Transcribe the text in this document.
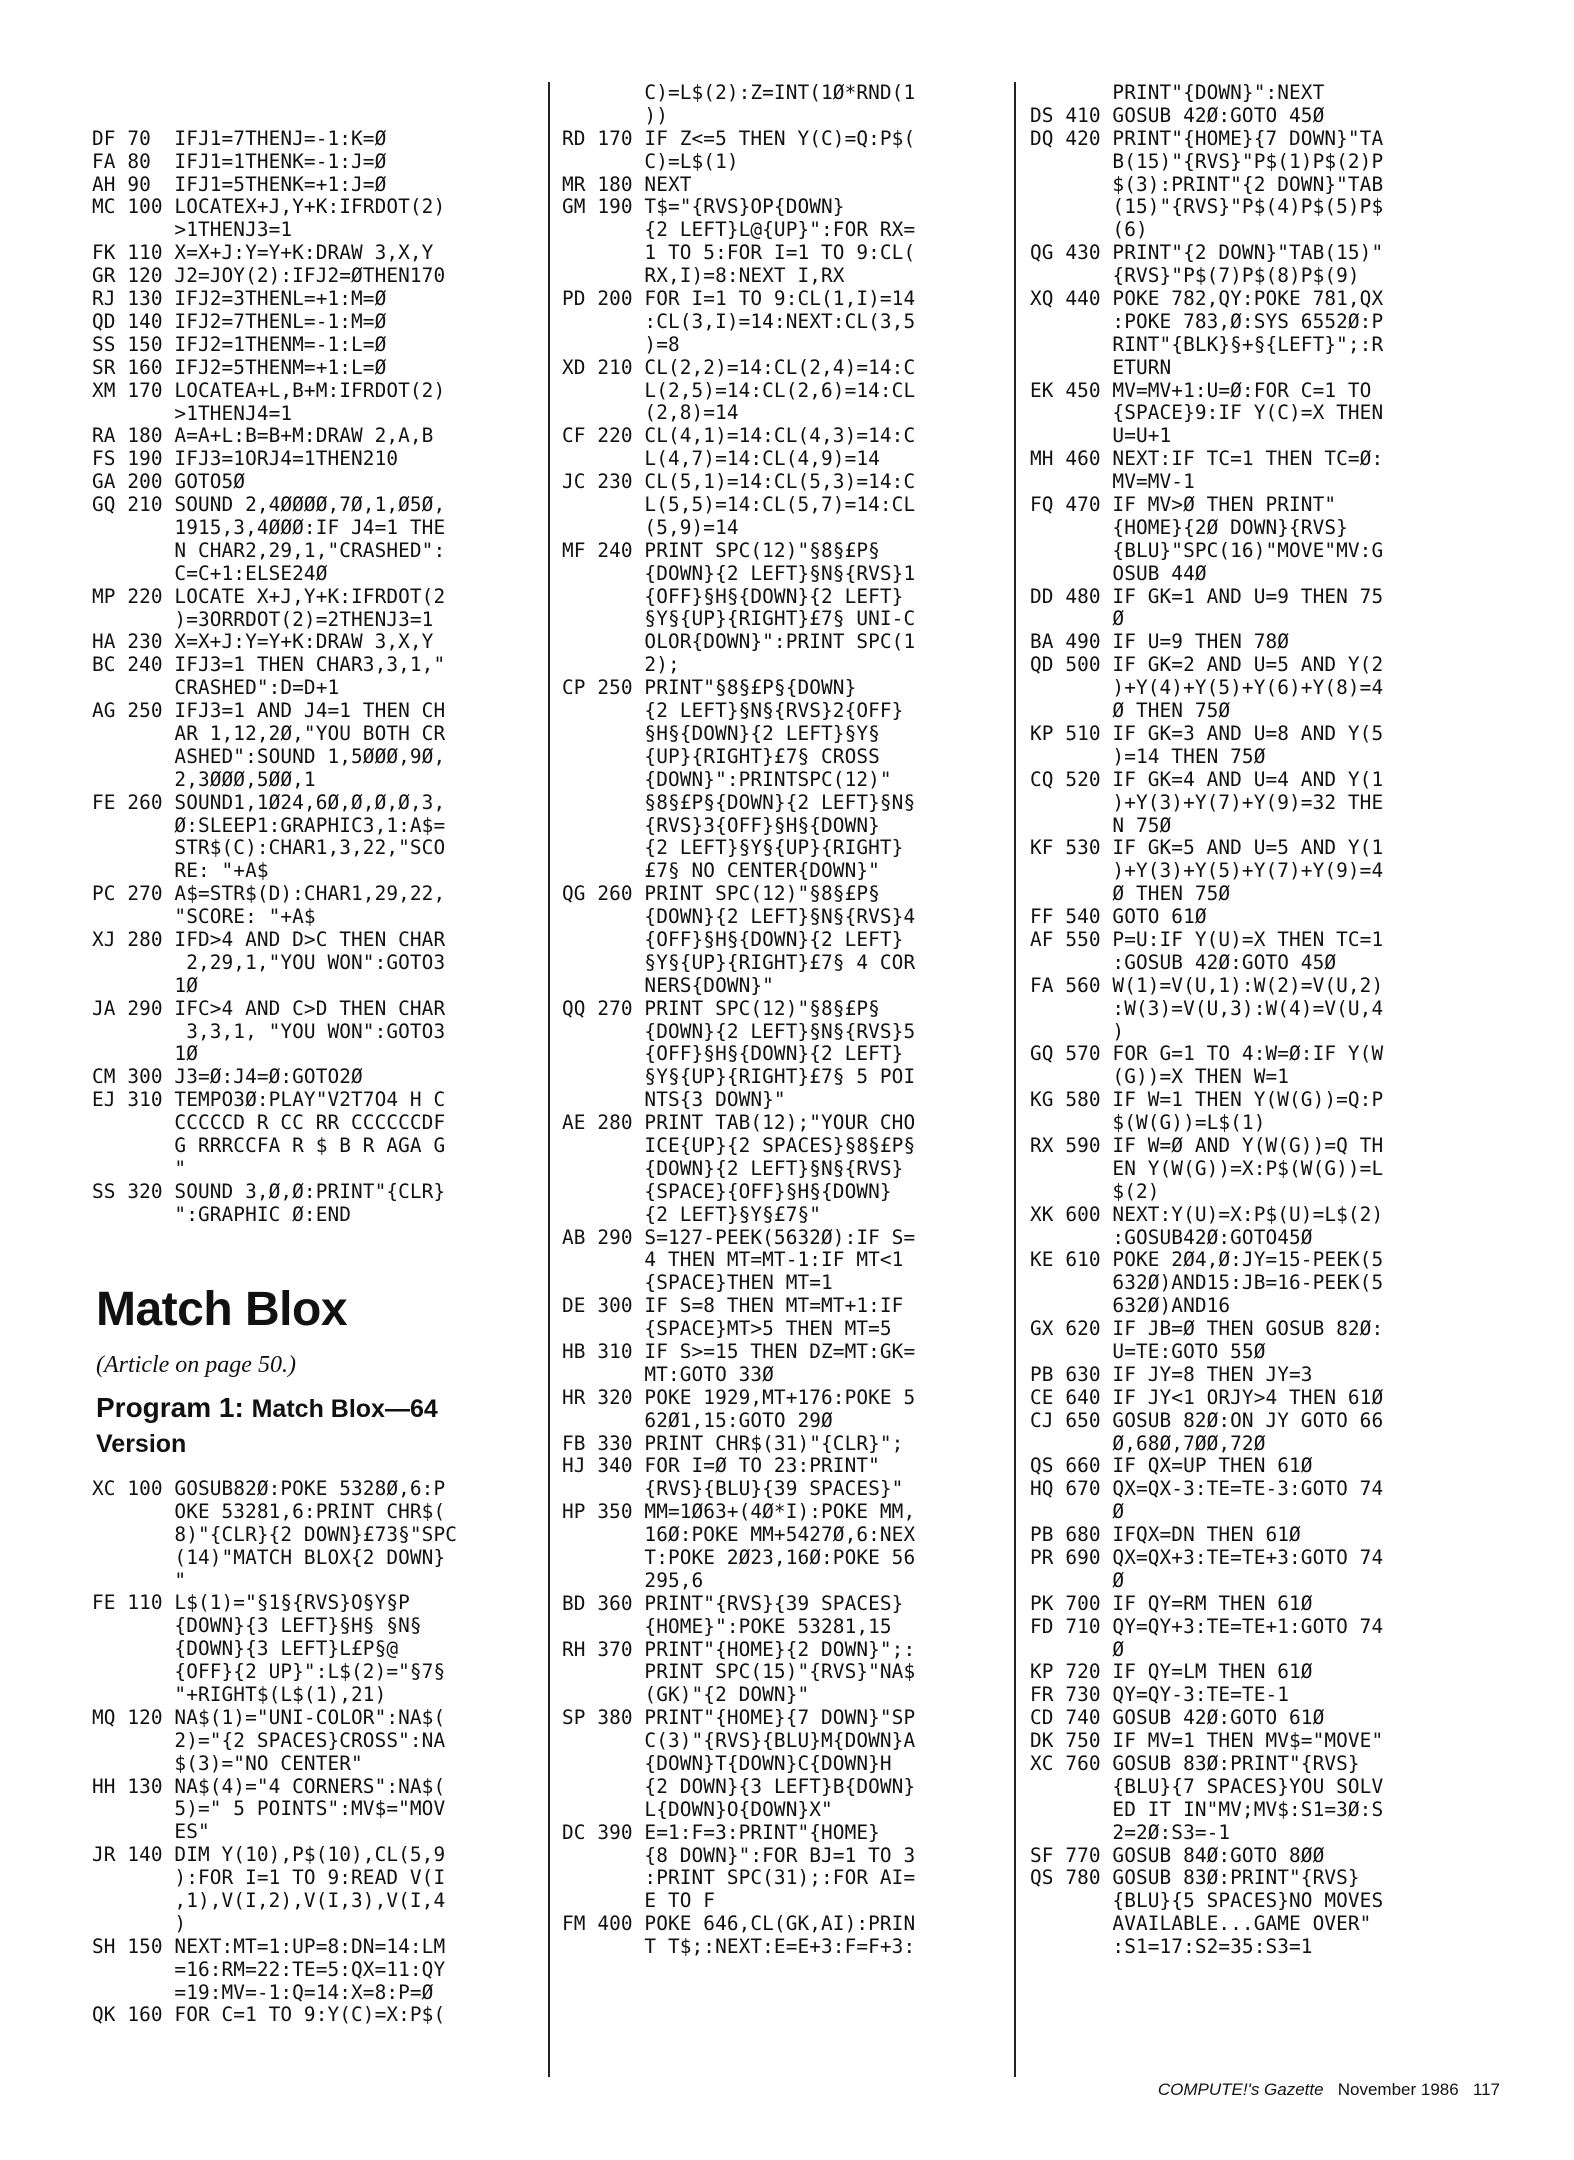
DF 70  IFJ1=7THENJ=-1:K=Ø
FA 80  IFJ1=1THENK=-1:J=Ø
AH 90  IFJ1=5THENK=+1:J=Ø
MC 100 LOCATEX+J,Y+K:IFRDOT(2)
>1THENJ3=1
FK 110 X=X+J:Y=Y+K:DRAW 3,X,Y
GR 120 J2=JOY(2):IFJ2=ØTHEN170
RJ 130 IFJ2=3THENL=+1:M=Ø
QD 140 IFJ2=7THENL=-1:M=Ø
SS 150 IFJ2=1THENM=-1:L=Ø
SR 160 IFJ2=5THENM=+1:L=Ø
XM 170 LOCATEA+L,B+M:IFRDOT(2)
>1THENJ4=1
RA 180 A=A+L:B=B+M:DRAW 2,A,B
FS 190 IFJ3=1ORJ4=1THEN210
GA 200 GOTO5Ø
GQ 210 SOUND 2,4ØØØØ,7Ø,1,Ø5Ø,
1915,3,4ØØØ:IF J4=1 THE
N CHAR2,29,1,"CRASHED":
C=C+1:ELSE24Ø
MP 220 LOCATE X+J,Y+K:IFRDOT(2
)=3ORRDOT(2)=2THENJ3=1
HA 230 X=X+J:Y=Y+K:DRAW 3,X,Y
BC 240 IFJ3=1 THEN CHAR3,3,1,"
CRASHED":D=D+1
AG 250 IFJ3=1 AND J4=1 THEN CH
AR 1,12,2Ø,"YOU BOTH CR
ASHED":SOUND 1,5ØØØ,9Ø,
2,3ØØØ,5ØØ,1
FE 260 SOUND1,1Ø24,6Ø,Ø,Ø,Ø,3,
Ø:SLEEP1:GRAPHIC3,1:A$=
STR$(C):CHAR1,3,22,"SCO
RE: "+A$
PC 270 A$=STR$(D):CHAR1,29,22,
"SCORE: "+A$
XJ 280 IFD>4 AND D>C THEN CHAR
2,29,1,"YOU WON":GOTO3
1Ø
JA 290 IFC>4 AND C>D THEN CHAR
3,3,1, "YOU WON":GOTO3
1Ø
CM 300 J3=Ø:J4=Ø:GOTO2Ø
EJ 310 TEMPO3Ø:PLAY"V2T7O4 H C
CCCCCD R CC RR CCCCCCDF
G RRRCCFA R $ B R AGA G
"
SS 320 SOUND 3,Ø,Ø:PRINT"{CLR}
":GRAPHIC Ø:END

Match Blox
(Article on page 50.)
Program 1: Match Blox—64
Version
XC 100 GOSUB82Ø:POKE 5328Ø,6:P
OKE 53281,6:PRINT CHR$(
8)"{CLR}{2 DOWN}£73§"SPC
(14)"MATCH BLOX{2 DOWN}
"
FE 110 L$(1)="§1§{RVS}O§Y§P
{DOWN}{3 LEFT}§H§ §N§
{DOWN}{3 LEFT}L£P§@
{OFF}{2 UP}":L$(2)="§7§
"+RIGHT$(L$(1),21)
MQ 120 NA$(1)="UNI-COLOR":NA$(
2)="{2 SPACES}CROSS":NA
$(3)="NO CENTER"
HH 130 NA$(4)="4 CORNERS":NA$(
5)=" 5 POINTS":MV$="MOV
ES"
JR 140 DIM Y(10),P$(10),CL(5,9
):FOR I=1 TO 9:READ V(I
,1),V(I,2),V(I,3),V(I,4
)
SH 150 NEXT:MT=1:UP=8:DN=14:LM
=16:RM=22:TE=5:QX=11:QY
=19:MV=-1:Q=14:X=8:P=Ø
QK 160 FOR C=1 TO 9:Y(C)=X:P$(
C)=L$(2):Z=INT(1Ø*RND(1
))
RD 170 IF Z<=5 THEN Y(C)=Q:P$(
C)=L$(1)
MR 180 NEXT
GM 190 T$="{RVS}OP{DOWN}
{2 LEFT}L@{UP}":FOR RX=
1 TO 5:FOR I=1 TO 9:CL(
RX,I)=8:NEXT I,RX
PD 200 FOR I=1 TO 9:CL(1,I)=14
:CL(3,I)=14:NEXT:CL(3,5
)=8
XD 210 CL(2,2)=14:CL(2,4)=14:C
L(2,5)=14:CL(2,6)=14:CL
(2,8)=14
CF 220 CL(4,1)=14:CL(4,3)=14:C
L(4,7)=14:CL(4,9)=14
JC 230 CL(5,1)=14:CL(5,3)=14:C
L(5,5)=14:CL(5,7)=14:CL
(5,9)=14
MF 240 PRINT SPC(12)"§8§£P§
{DOWN}{2 LEFT}§N§{RVS}1
{OFF}§H§{DOWN}{2 LEFT}
§Y§{UP}{RIGHT}£7§ UNI-C
OLOR{DOWN}":PRINT SPC(1
2);
CP 250 PRINT"§8§£P§{DOWN}
{2 LEFT}§N§{RVS}2{OFF}
§H§{DOWN}{2 LEFT}§Y§
{UP}{RIGHT}£7§ CROSS
{DOWN}":PRINTSPC(12)"
§8§£P§{DOWN}{2 LEFT}§N§
{RVS}3{OFF}§H§{DOWN}
{2 LEFT}§Y§{UP}{RIGHT}
£7§ NO CENTER{DOWN}"
QG 260 PRINT SPC(12)"§8§£P§
{DOWN}{2 LEFT}§N§{RVS}4
{OFF}§H§{DOWN}{2 LEFT}
§Y§{UP}{RIGHT}£7§ 4 COR
NERS{DOWN}"
QQ 270 PRINT SPC(12)"§8§£P§
{DOWN}{2 LEFT}§N§{RVS}5
{OFF}§H§{DOWN}{2 LEFT}
§Y§{UP}{RIGHT}£7§ 5 POI
NTS{3 DOWN}"
AE 280 PRINT TAB(12);"YOUR CHO
ICE{UP}{2 SPACES}§8§£P§
{DOWN}{2 LEFT}§N§{RVS}
{SPACE}{OFF}§H§{DOWN}
{2 LEFT}§Y§£7§"
AB 290 S=127-PEEK(5632Ø):IF S=
4 THEN MT=MT-1:IF MT<1
{SPACE}THEN MT=1
DE 300 IF S=8 THEN MT=MT+1:IF
{SPACE}MT>5 THEN MT=5
HB 310 IF S>=15 THEN DZ=MT:GK=
MT:GOTO 33Ø
HR 320 POKE 1929,MT+176:POKE 5
62Ø1,15:GOTO 29Ø
FB 330 PRINT CHR$(31)"{CLR}";
HJ 340 FOR I=Ø TO 23:PRINT"
{RVS}{BLU}{39 SPACES}"
HP 350 MM=1Ø63+(4Ø*I):POKE MM,
16Ø:POKE MM+5427Ø,6:NEX
T:POKE 2Ø23,16Ø:POKE 56
295,6
BD 360 PRINT"{RVS}{39 SPACES}
{HOME}":POKE 53281,15
RH 370 PRINT"{HOME}{2 DOWN}";:
PRINT SPC(15)"{RVS}"NA$
(GK)"{2 DOWN}"
SP 380 PRINT"{HOME}{7 DOWN}"SP
C(3)"{RVS}{BLU}M{DOWN}A
{DOWN}T{DOWN}C{DOWN}H
{2 DOWN}{3 LEFT}B{DOWN}
L{DOWN}O{DOWN}X"
DC 390 E=1:F=3:PRINT"{HOME}
{8 DOWN}":FOR BJ=1 TO 3
:PRINT SPC(31);:FOR AI=
E TO F
FM 400 POKE 646,CL(GK,AI):PRIN
T T$;:NEXT:E=E+3:F=F+3:
PRINT"{DOWN}":NEXT
DS 410 GOSUB 42Ø:GOTO 45Ø
DQ 420 PRINT"{HOME}{7 DOWN}"TA
B(15)"{RVS}"P$(1)P$(2)P
$(3):PRINT"{2 DOWN}"TAB
(15)"{RVS}"P$(4)P$(5)P$
(6)
QG 430 PRINT"{2 DOWN}"TAB(15)"
{RVS}"P$(7)P$(8)P$(9)
XQ 440 POKE 782,QY:POKE 781,QX
:POKE 783,Ø:SYS 6552Ø:P
RINT"{BLK}§+§{LEFT}";:R
ETURN
EK 450 MV=MV+1:U=Ø:FOR C=1 TO
{SPACE}9:IF Y(C)=X THEN
U=U+1
MH 460 NEXT:IF TC=1 THEN TC=Ø:
MV=MV-1
FQ 470 IF MV>Ø THEN PRINT"
{HOME}{2Ø DOWN}{RVS}
{BLU}"SPC(16)"MOVE"MV:G
OSUB 44Ø
DD 480 IF GK=1 AND U=9 THEN 75
Ø
BA 490 IF U=9 THEN 78Ø
QD 500 IF GK=2 AND U=5 AND Y(2
)+Y(4)+Y(5)+Y(6)+Y(8)=4
Ø THEN 75Ø
KP 510 IF GK=3 AND U=8 AND Y(5
)=14 THEN 75Ø
CQ 520 IF GK=4 AND U=4 AND Y(1
)+Y(3)+Y(7)+Y(9)=32 THE
N 75Ø
KF 530 IF GK=5 AND U=5 AND Y(1
)+Y(3)+Y(5)+Y(7)+Y(9)=4
Ø THEN 75Ø
FF 540 GOTO 61Ø
AF 550 P=U:IF Y(U)=X THEN TC=1
:GOSUB 42Ø:GOTO 45Ø
FA 560 W(1)=V(U,1):W(2)=V(U,2)
:W(3)=V(U,3):W(4)=V(U,4
)
GQ 570 FOR G=1 TO 4:W=Ø:IF Y(W
(G))=X THEN W=1
KG 580 IF W=1 THEN Y(W(G))=Q:P
$(W(G))=L$(1)
RX 590 IF W=Ø AND Y(W(G))=Q TH
EN Y(W(G))=X:P$(W(G))=L
$(2)
XK 600 NEXT:Y(U)=X:P$(U)=L$(2)
:GOSUB42Ø:GOTO45Ø
KE 610 POKE 2Ø4,Ø:JY=15-PEEK(5
632Ø)AND15:JB=16-PEEK(5
632Ø)AND16
GX 620 IF JB=Ø THEN GOSUB 82Ø:
U=TE:GOTO 55Ø
PB 630 IF JY=8 THEN JY=3
CE 640 IF JY<1 ORJY>4 THEN 61Ø
CJ 650 GOSUB 82Ø:ON JY GOTO 66
Ø,68Ø,7ØØ,72Ø
QS 660 IF QX=UP THEN 61Ø
HQ 670 QX=QX-3:TE=TE-3:GOTO 74
Ø
PB 680 IFQX=DN THEN 61Ø
PR 690 QX=QX+3:TE=TE+3:GOTO 74
Ø
PK 700 IF QY=RM THEN 61Ø
FD 710 QY=QY+3:TE=TE+1:GOTO 74
Ø
KP 720 IF QY=LM THEN 61Ø
FR 730 QY=QY-3:TE=TE-1
CD 740 GOSUB 42Ø:GOTO 61Ø
DK 750 IF MV=1 THEN MV$="MOVE"
XC 760 GOSUB 83Ø:PRINT"{RVS}
{BLU}{7 SPACES}YOU SOLV
ED IT IN"MV;MV$:S1=3Ø:S
2=2Ø:S3=-1
SF 770 GOSUB 84Ø:GOTO 8ØØ
QS 780 GOSUB 83Ø:PRINT"{RVS}
{BLU}{5 SPACES}NO MOVES
AVAILABLE...GAME OVER"
:S1=17:S2=35:S3=1
COMPUTE!'s Gazette November 1986 117
